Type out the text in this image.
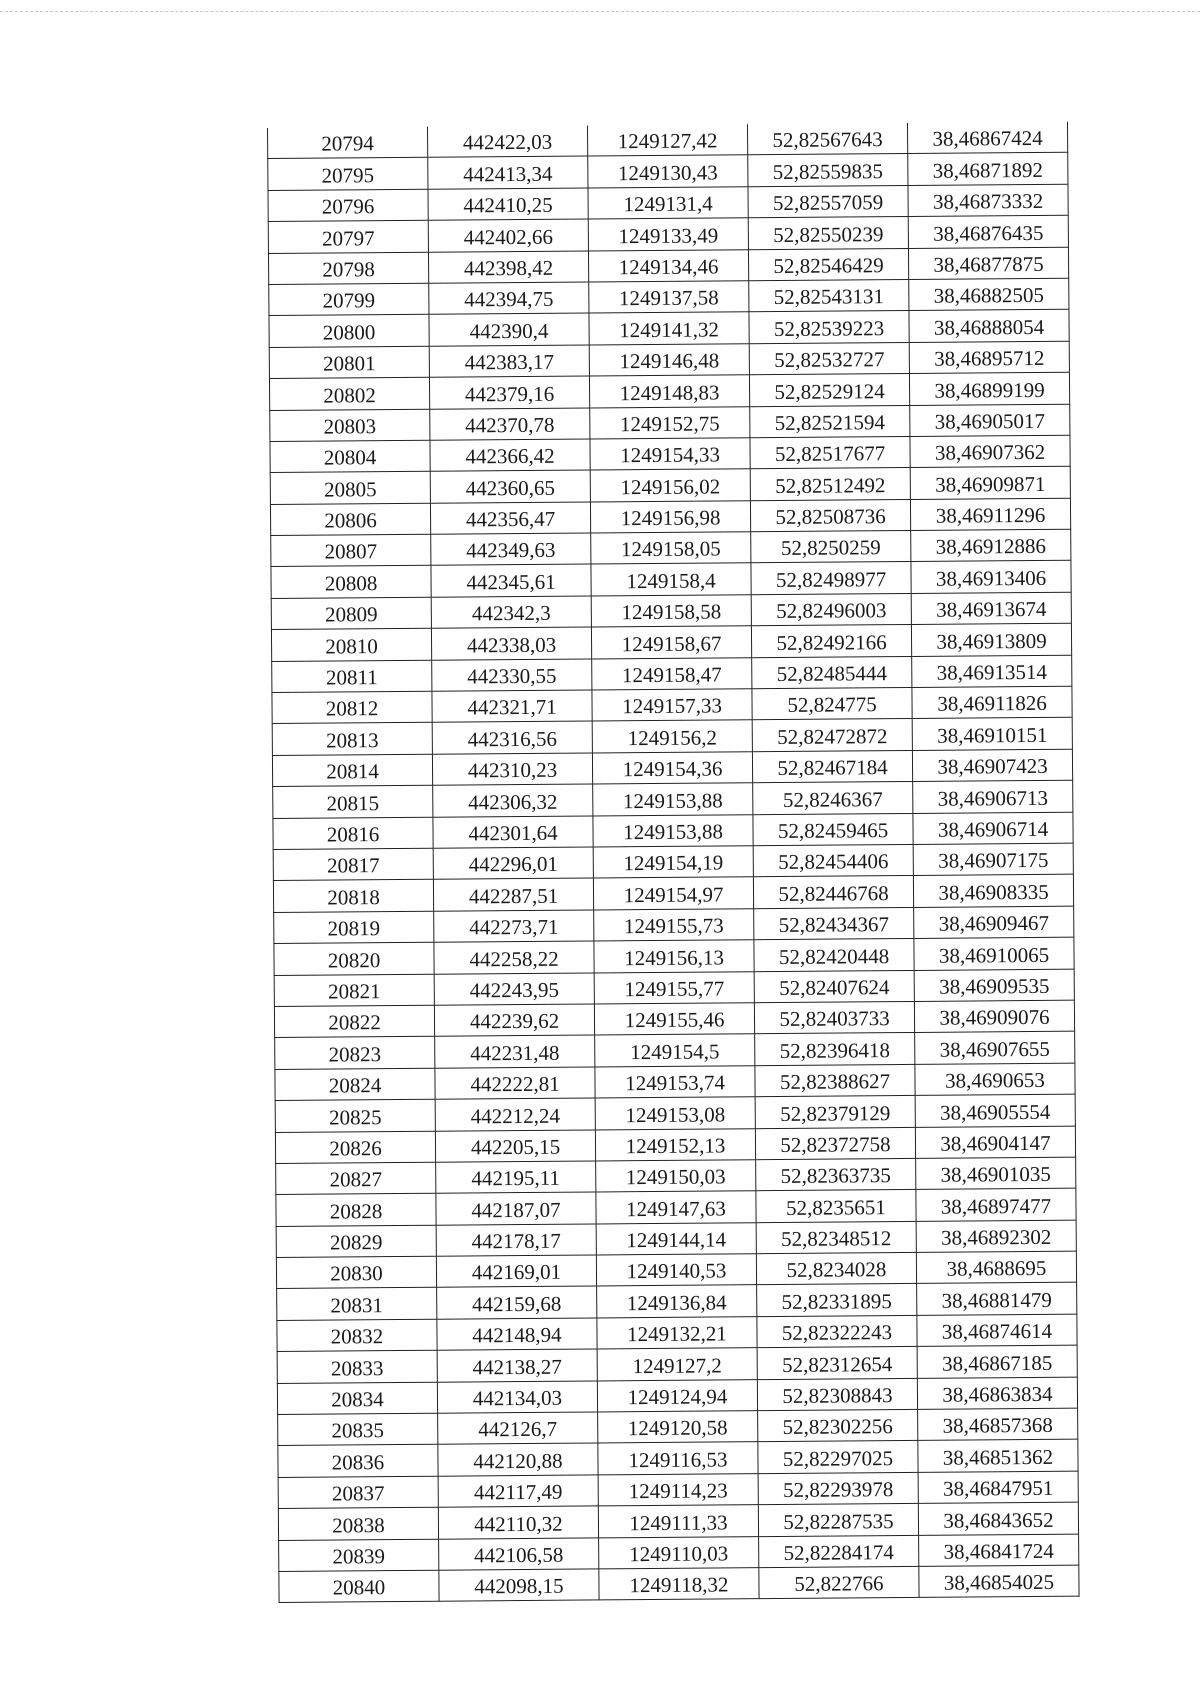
20794	442422,03	1249127,42	52,82567643	38,46867424
20795	442413,34	1249130,43	52,82559835	38,46871892
20796	442410,25	1249131,4	52,82557059	38,46873332
20797	442402,66	1249133,49	52,82550239	38,46876435
20798	442398,42	1249134,46	52,82546429	38,46877875
20799	442394,75	1249137,58	52,82543131	38,46882505
20800	442390,4	1249141,32	52,82539223	38,46888054
20801	442383,17	1249146,48	52,82532727	38,46895712
20802	442379,16	1249148,83	52,82529124	38,46899199
20803	442370,78	1249152,75	52,82521594	38,46905017
20804	442366,42	1249154,33	52,82517677	38,46907362
20805	442360,65	1249156,02	52,82512492	38,46909871
20806	442356,47	1249156,98	52,82508736	38,46911296
20807	442349,63	1249158,05	52,8250259	38,46912886
20808	442345,61	1249158,4	52,82498977	38,46913406
20809	442342,3	1249158,58	52,82496003	38,46913674
20810	442338,03	1249158,67	52,82492166	38,46913809
20811	442330,55	1249158,47	52,82485444	38,46913514
20812	442321,71	1249157,33	52,824775	38,46911826
20813	442316,56	1249156,2	52,82472872	38,46910151
20814	442310,23	1249154,36	52,82467184	38,46907423
20815	442306,32	1249153,88	52,8246367	38,46906713
20816	442301,64	1249153,88	52,82459465	38,46906714
20817	442296,01	1249154,19	52,82454406	38,46907175
20818	442287,51	1249154,97	52,82446768	38,46908335
20819	442273,71	1249155,73	52,82434367	38,46909467
20820	442258,22	1249156,13	52,82420448	38,46910065
20821	442243,95	1249155,77	52,82407624	38,46909535
20822	442239,62	1249155,46	52,82403733	38,46909076
20823	442231,48	1249154,5	52,82396418	38,46907655
20824	442222,81	1249153,74	52,82388627	38,4690653
20825	442212,24	1249153,08	52,82379129	38,46905554
20826	442205,15	1249152,13	52,82372758	38,46904147
20827	442195,11	1249150,03	52,82363735	38,46901035
20828	442187,07	1249147,63	52,8235651	38,46897477
20829	442178,17	1249144,14	52,82348512	38,46892302
20830	442169,01	1249140,53	52,8234028	38,4688695
20831	442159,68	1249136,84	52,82331895	38,46881479
20832	442148,94	1249132,21	52,82322243	38,46874614
20833	442138,27	1249127,2	52,82312654	38,46867185
20834	442134,03	1249124,94	52,82308843	38,46863834
20835	442126,7	1249120,58	52,82302256	38,46857368
20836	442120,88	1249116,53	52,82297025	38,46851362
20837	442117,49	1249114,23	52,82293978	38,46847951
20838	442110,32	1249111,33	52,82287535	38,46843652
20839	442106,58	1249110,03	52,82284174	38,46841724
20840	442098,15	1249118,32	52,822766	38,46854025
